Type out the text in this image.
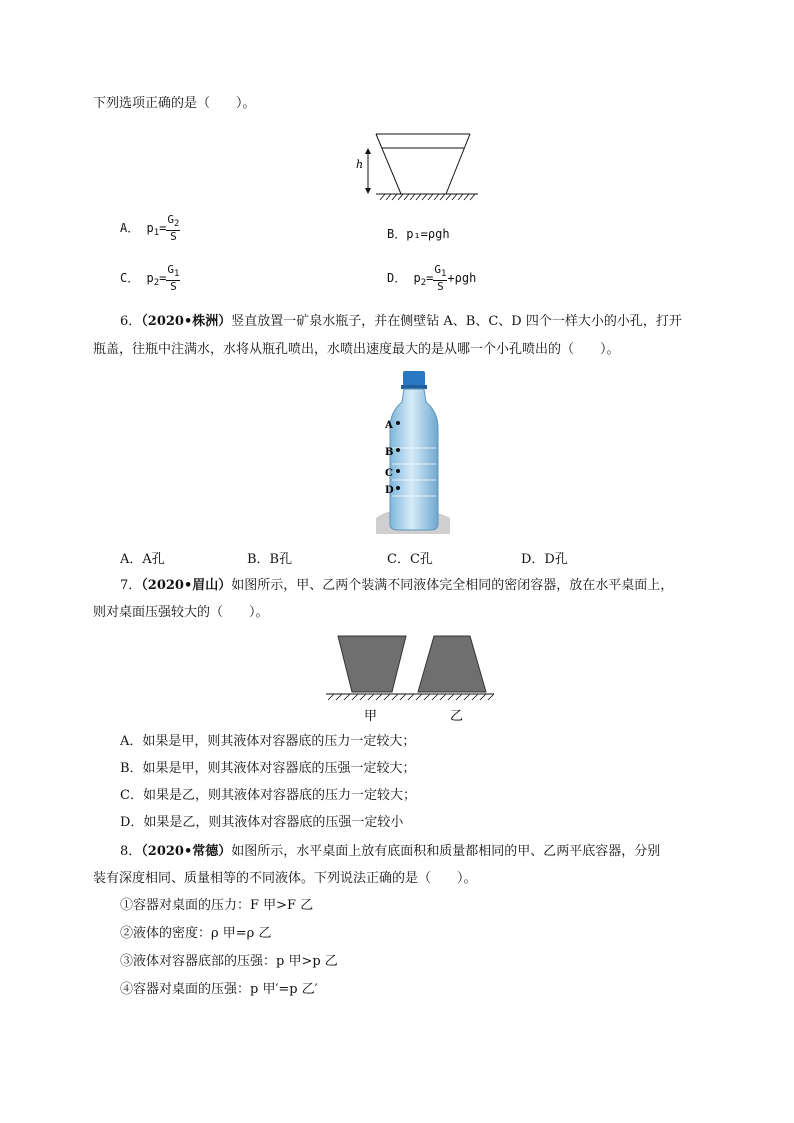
下列选项正确的是（　　）。
h
A． $p_1= \frac{G_2}{S}$	B．p₁=ρgh
C． $p_2= \frac{G_1}{S}$	D． $p_2= \frac{G_1}{S} +\rho gh$
6．（2020•株洲）竖直放置一矿泉水瓶子，并在侧壁钻 A、B、C、D 四个一样大小的小孔，打开
瓶盖，往瓶中注满水，水将从瓶孔喷出，水喷出速度最大的是从哪一个小孔喷出的（　　）。
A
B
C
D
A．A孔	B．B孔	C．C孔	D．D孔
7．（2020•眉山）如图所示，甲、乙两个装满不同液体完全相同的密闭容器，放在水平桌面上，
则对桌面压强较大的（　　）。
甲	乙
A．如果是甲，则其液体对容器底的压力一定较大；
B．如果是甲，则其液体对容器底的压强一定较大；
C．如果是乙，则其液体对容器底的压力一定较大；
D．如果是乙，则其液体对容器底的压强一定较小
8．（2020•常德）如图所示，水平桌面上放有底面积和质量都相同的甲、乙两平底容器，分别
装有深度相同、质量相等的不同液体。下列说法正确的是（　　）。
①容器对桌面的压力：F 甲>F 乙
②液体的密度：ρ 甲=ρ 乙
③液体对容器底部的压强：p 甲>p 乙
④容器对桌面的压强：p 甲′=p 乙′
